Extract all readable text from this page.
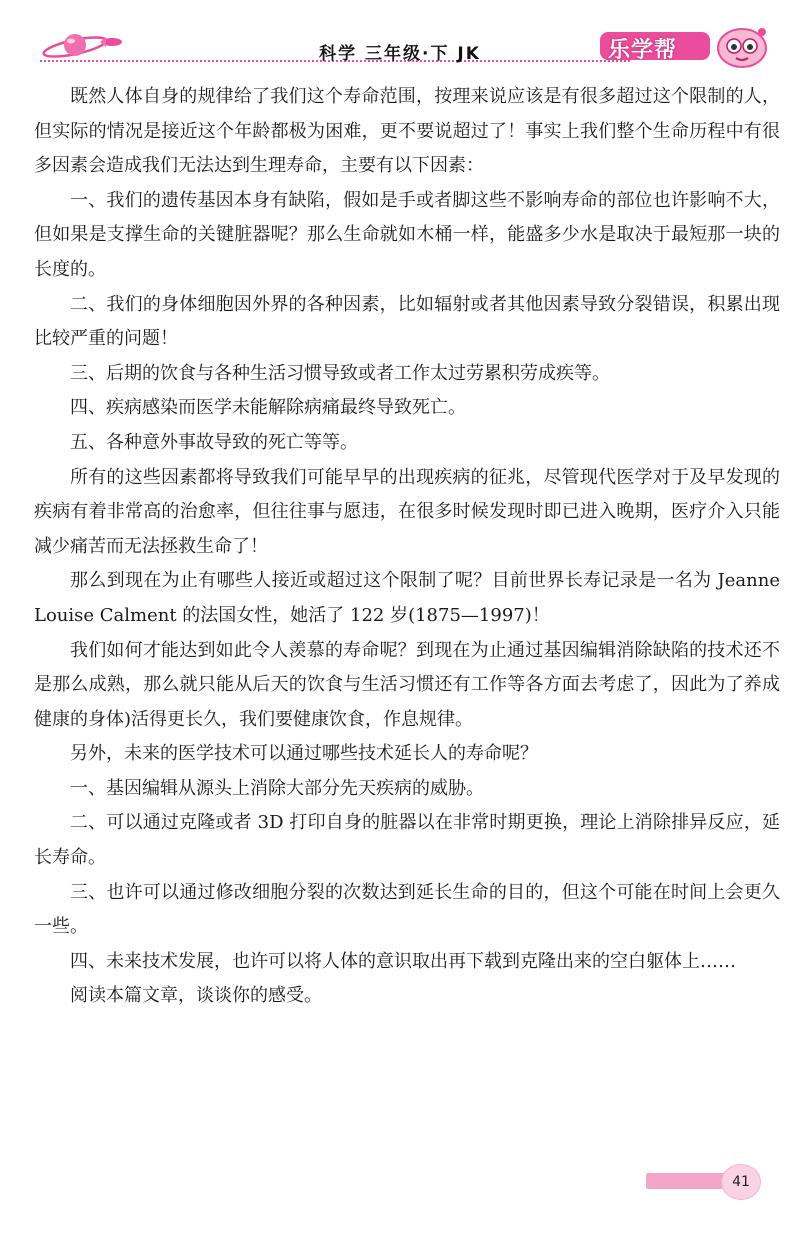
科学 三年级·下 JK	乐学帮

既然人体自身的规律给了我们这个寿命范围，按理来说应该是有很多超过这个限制的人，但实际的情况是接近这个年龄都极为困难，更不要说超过了！事实上我们整个生命历程中有很多因素会造成我们无法达到生理寿命，主要有以下因素：

一、我们的遗传基因本身有缺陷，假如是手或者脚这些不影响寿命的部位也许影响不大，但如果是支撑生命的关键脏器呢？那么生命就如木桶一样，能盛多少水是取决于最短那一块的长度的。

二、我们的身体细胞因外界的各种因素，比如辐射或者其他因素导致分裂错误，积累出现比较严重的问题！

三、后期的饮食与各种生活习惯导致或者工作太过劳累积劳成疾等。

四、疾病感染而医学未能解除病痛最终导致死亡。

五、各种意外事故导致的死亡等等。

所有的这些因素都将导致我们可能早早的出现疾病的征兆，尽管现代医学对于及早发现的疾病有着非常高的治愈率，但往往事与愿违，在很多时候发现时即已进入晚期，医疗介入只能减少痛苦而无法拯救生命了！

那么到现在为止有哪些人接近或超过这个限制了呢？目前世界长寿记录是一名为 Jeanne Louise Calment 的法国女性，她活了 122 岁(1875—1997)！

我们如何才能达到如此令人羡慕的寿命呢？到现在为止通过基因编辑消除缺陷的技术还不是那么成熟，那么就只能从后天的饮食与生活习惯还有工作等各方面去考虑了，因此为了养成健康的身体)活得更长久，我们要健康饮食，作息规律。

另外，未来的医学技术可以通过哪些技术延长人的寿命呢？

一、基因编辑从源头上消除大部分先天疾病的威胁。

二、可以通过克隆或者 3D 打印自身的脏器以在非常时期更换，理论上消除排异反应，延长寿命。

三、也许可以通过修改细胞分裂的次数达到延长生命的目的，但这个可能在时间上会更久一些。

四、未来技术发展，也许可以将人体的意识取出再下载到克隆出来的空白躯体上……

阅读本篇文章，谈谈你的感受。

41
